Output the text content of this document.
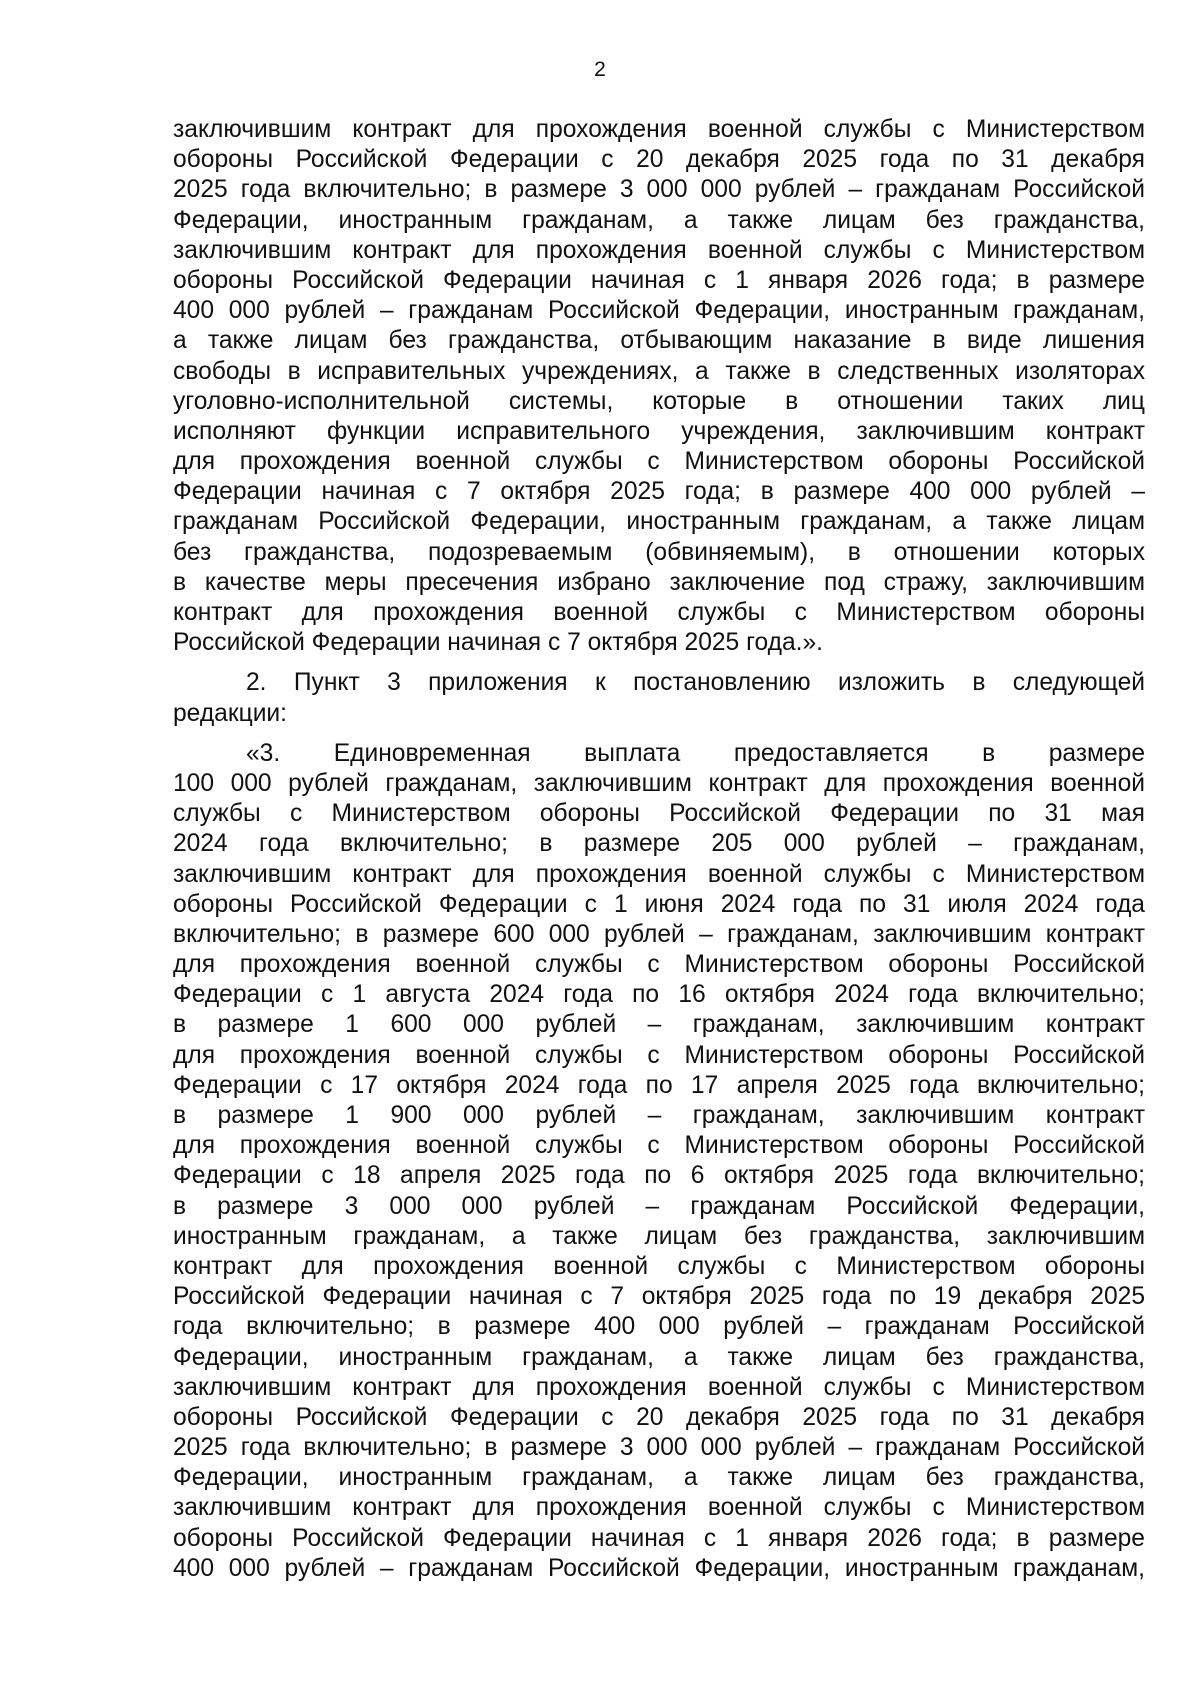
2
заключившим контракт для прохождения военной службы с Министерством
обороны Российской Федерации с 20 декабря 2025 года по 31 декабря
2025 года включительно; в размере 3 000 000 рублей – гражданам Российской
Федерации, иностранным гражданам, а также лицам без гражданства,
заключившим контракт для прохождения военной службы с Министерством
обороны Российской Федерации начиная с 1 января 2026 года; в размере
400 000 рублей – гражданам Российской Федерации, иностранным гражданам,
а также лицам без гражданства, отбывающим наказание в виде лишения
свободы в исправительных учреждениях, а также в следственных изоляторах
уголовно-исполнительной системы, которые в отношении таких лиц
исполняют функции исправительного учреждения, заключившим контракт
для прохождения военной службы с Министерством обороны Российской
Федерации начиная с 7 октября 2025 года; в размере 400 000 рублей –
гражданам Российской Федерации, иностранным гражданам, а также лицам
без гражданства, подозреваемым (обвиняемым), в отношении которых
в качестве меры пресечения избрано заключение под стражу, заключившим
контракт для прохождения военной службы с Министерством обороны
Российской Федерации начиная с 7 октября 2025 года.».
2. Пункт 3 приложения к постановлению изложить в следующей
редакции:
«3. Единовременная выплата предоставляется в размере
100 000 рублей гражданам, заключившим контракт для прохождения военной
службы с Министерством обороны Российской Федерации по 31 мая
2024 года включительно; в размере 205 000 рублей – гражданам,
заключившим контракт для прохождения военной службы с Министерством
обороны Российской Федерации с 1 июня 2024 года по 31 июля 2024 года
включительно; в размере 600 000 рублей – гражданам, заключившим контракт
для прохождения военной службы с Министерством обороны Российской
Федерации с 1 августа 2024 года по 16 октября 2024 года включительно;
в размере 1 600 000 рублей – гражданам, заключившим контракт
для прохождения военной службы с Министерством обороны Российской
Федерации с 17 октября 2024 года по 17 апреля 2025 года включительно;
в размере 1 900 000 рублей – гражданам, заключившим контракт
для прохождения военной службы с Министерством обороны Российской
Федерации с 18 апреля 2025 года по 6 октября 2025 года включительно;
в размере 3 000 000 рублей – гражданам Российской Федерации,
иностранным гражданам, а также лицам без гражданства, заключившим
контракт для прохождения военной службы с Министерством обороны
Российской Федерации начиная с 7 октября 2025 года по 19 декабря 2025
года включительно; в размере 400 000 рублей – гражданам Российской
Федерации, иностранным гражданам, а также лицам без гражданства,
заключившим контракт для прохождения военной службы с Министерством
обороны Российской Федерации с 20 декабря 2025 года по 31 декабря
2025 года включительно; в размере 3 000 000 рублей – гражданам Российской
Федерации, иностранным гражданам, а также лицам без гражданства,
заключившим контракт для прохождения военной службы с Министерством
обороны Российской Федерации начиная с 1 января 2026 года; в размере
400 000 рублей – гражданам Российской Федерации, иностранным гражданам,
